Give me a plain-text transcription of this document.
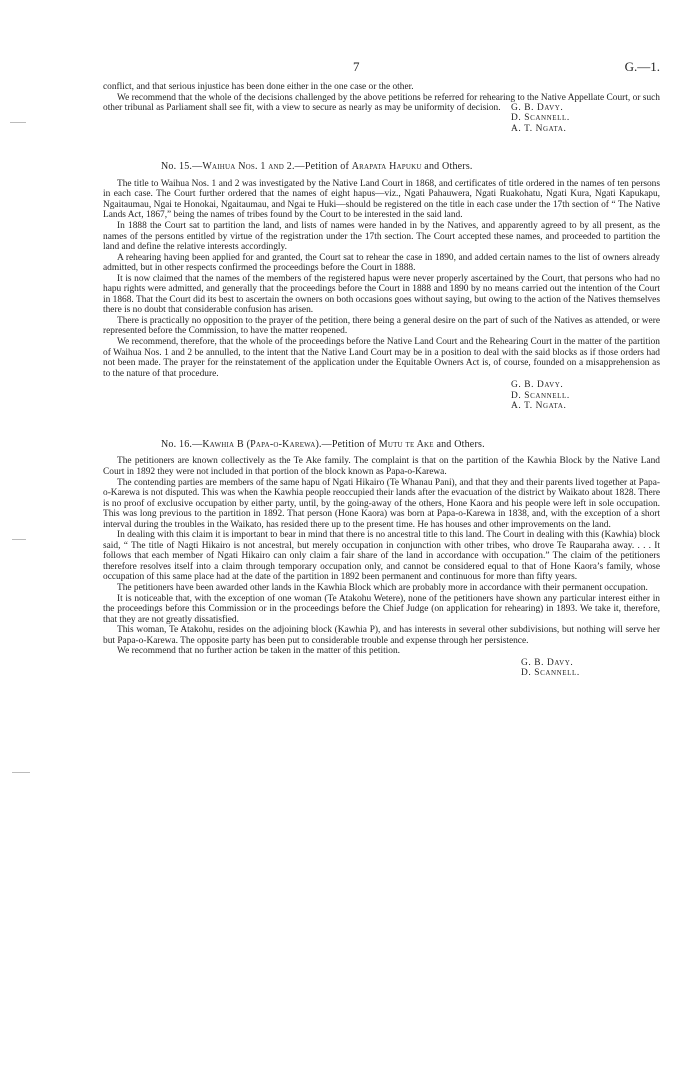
7	G.—1.

conflict, and that serious injustice has been done either in the one case or the other.

We recommend that the whole of the decisions challenged by the above petitions be referred for rehearing to the Native Appellate Court, or such other tribunal as Parliament shall see fit, with a view to secure as nearly as may be uniformity of decision.	G. B. Davy.
D. Scannell.
A. T. Ngata.
No. 15.—Waihua Nos. 1 and 2.—Petition of Arapata Hapuku and Others.

The title to Waihua Nos. 1 and 2 was investigated by the Native Land Court in 1868, and certificates of title ordered in the names of ten persons in each case. The Court further ordered that the names of eight hapus—viz., Ngati Pahauwera, Ngati Ruakohatu, Ngati Kura, Ngati Kapukapu, Ngaitaumau, Ngai te Honokai, Ngaitaumau, and Ngai te Huki—should be registered on the title in each case under the 17th section of “ The Native Lands Act, 1867,” being the names of tribes found by the Court to be interested in the said land.

In 1888 the Court sat to partition the land, and lists of names were handed in by the Natives, and apparently agreed to by all present, as the names of the persons entitled by virtue of the registration under the 17th section. The Court accepted these names, and proceeded to partition the land and define the relative interests accordingly.

A rehearing having been applied for and granted, the Court sat to rehear the case in 1890, and added certain names to the list of owners already admitted, but in other respects confirmed the proceedings before the Court in 1888.

It is now claimed that the names of the members of the registered hapus were never properly ascertained by the Court, that persons who had no hapu rights were admitted, and generally that the proceedings before the Court in 1888 and 1890 by no means carried out the intention of the Court in 1868. That the Court did its best to ascertain the owners on both occasions goes without saying, but owing to the action of the Natives themselves there is no doubt that considerable confusion has arisen.

There is practically no opposition to the prayer of the petition, there being a general desire on the part of such of the Natives as attended, or were represented before the Commission, to have the matter reopened.

We recommend, therefore, that the whole of the proceedings before the Native Land Court and the Rehearing Court in the matter of the partition of Waihua Nos. 1 and 2 be annulled, to the intent that the Native Land Court may be in a position to deal with the said blocks as if those orders had not been made. The prayer for the reinstatement of the application under the Equitable Owners Act is, of course, founded on a misapprehension as to the nature of that procedure.

G. B. Davy.
D. Scannell.
A. T. Ngata.
No. 16.—Kawhia B (Papa-o-Karewa).—Petition of Mutu te Ake and Others.

The petitioners are known collectively as the Te Ake family. The complaint is that on the partition of the Kawhia Block by the Native Land Court in 1892 they were not included in that portion of the block known as Papa-o-Karewa.

The contending parties are members of the same hapu of Ngati Hikairo (Te Whanau Pani), and that they and their parents lived together at Papa-o-Karewa is not disputed. This was when the Kawhia people reoccupied their lands after the evacuation of the district by Waikato about 1828. There is no proof of exclusive occupation by either party, until, by the going-away of the others, Hone Kaora and his people were left in sole occupation. This was long previous to the partition in 1892. That person (Hone Kaora) was born at Papa-o-Karewa in 1838, and, with the exception of a short interval during the troubles in the Waikato, has resided there up to the present time. He has houses and other improvements on the land.

In dealing with this claim it is important to bear in mind that there is no ancestral title to this land. The Court in dealing with this (Kawhia) block said, “ The title of Nagti Hikairo is not ancestral, but merely occupation in conjunction with other tribes, who drove Te Rauparaha away. . . . It follows that each member of Ngati Hikairo can only claim a fair share of the land in accordance with occupation.” The claim of the petitioners therefore resolves itself into a claim through temporary occupation only, and cannot be considered equal to that of Hone Kaora’s family, whose occupation of this same place had at the date of the partition in 1892 been permanent and continuous for more than fifty years.

The petitioners have been awarded other lands in the Kawhia Block which are probably more in accordance with their permanent occupation.

It is noticeable that, with the exception of one woman (Te Atakohu Wetere), none of the petitioners have shown any particular interest either in the proceedings before this Commission or in the proceedings before the Chief Judge (on application for rehearing) in 1893. We take it, therefore, that they are not greatly dissatisfied.

This woman, Te Atakohu, resides on the adjoining block (Kawhia P), and has interests in several other subdivisions, but nothing will serve her but Papa-o-Karewa. The opposite party has been put to considerable trouble and expense through her persistence.

We recommend that no further action be taken in the matter of this petition.

G. B. Davy.
D. Scannell.
